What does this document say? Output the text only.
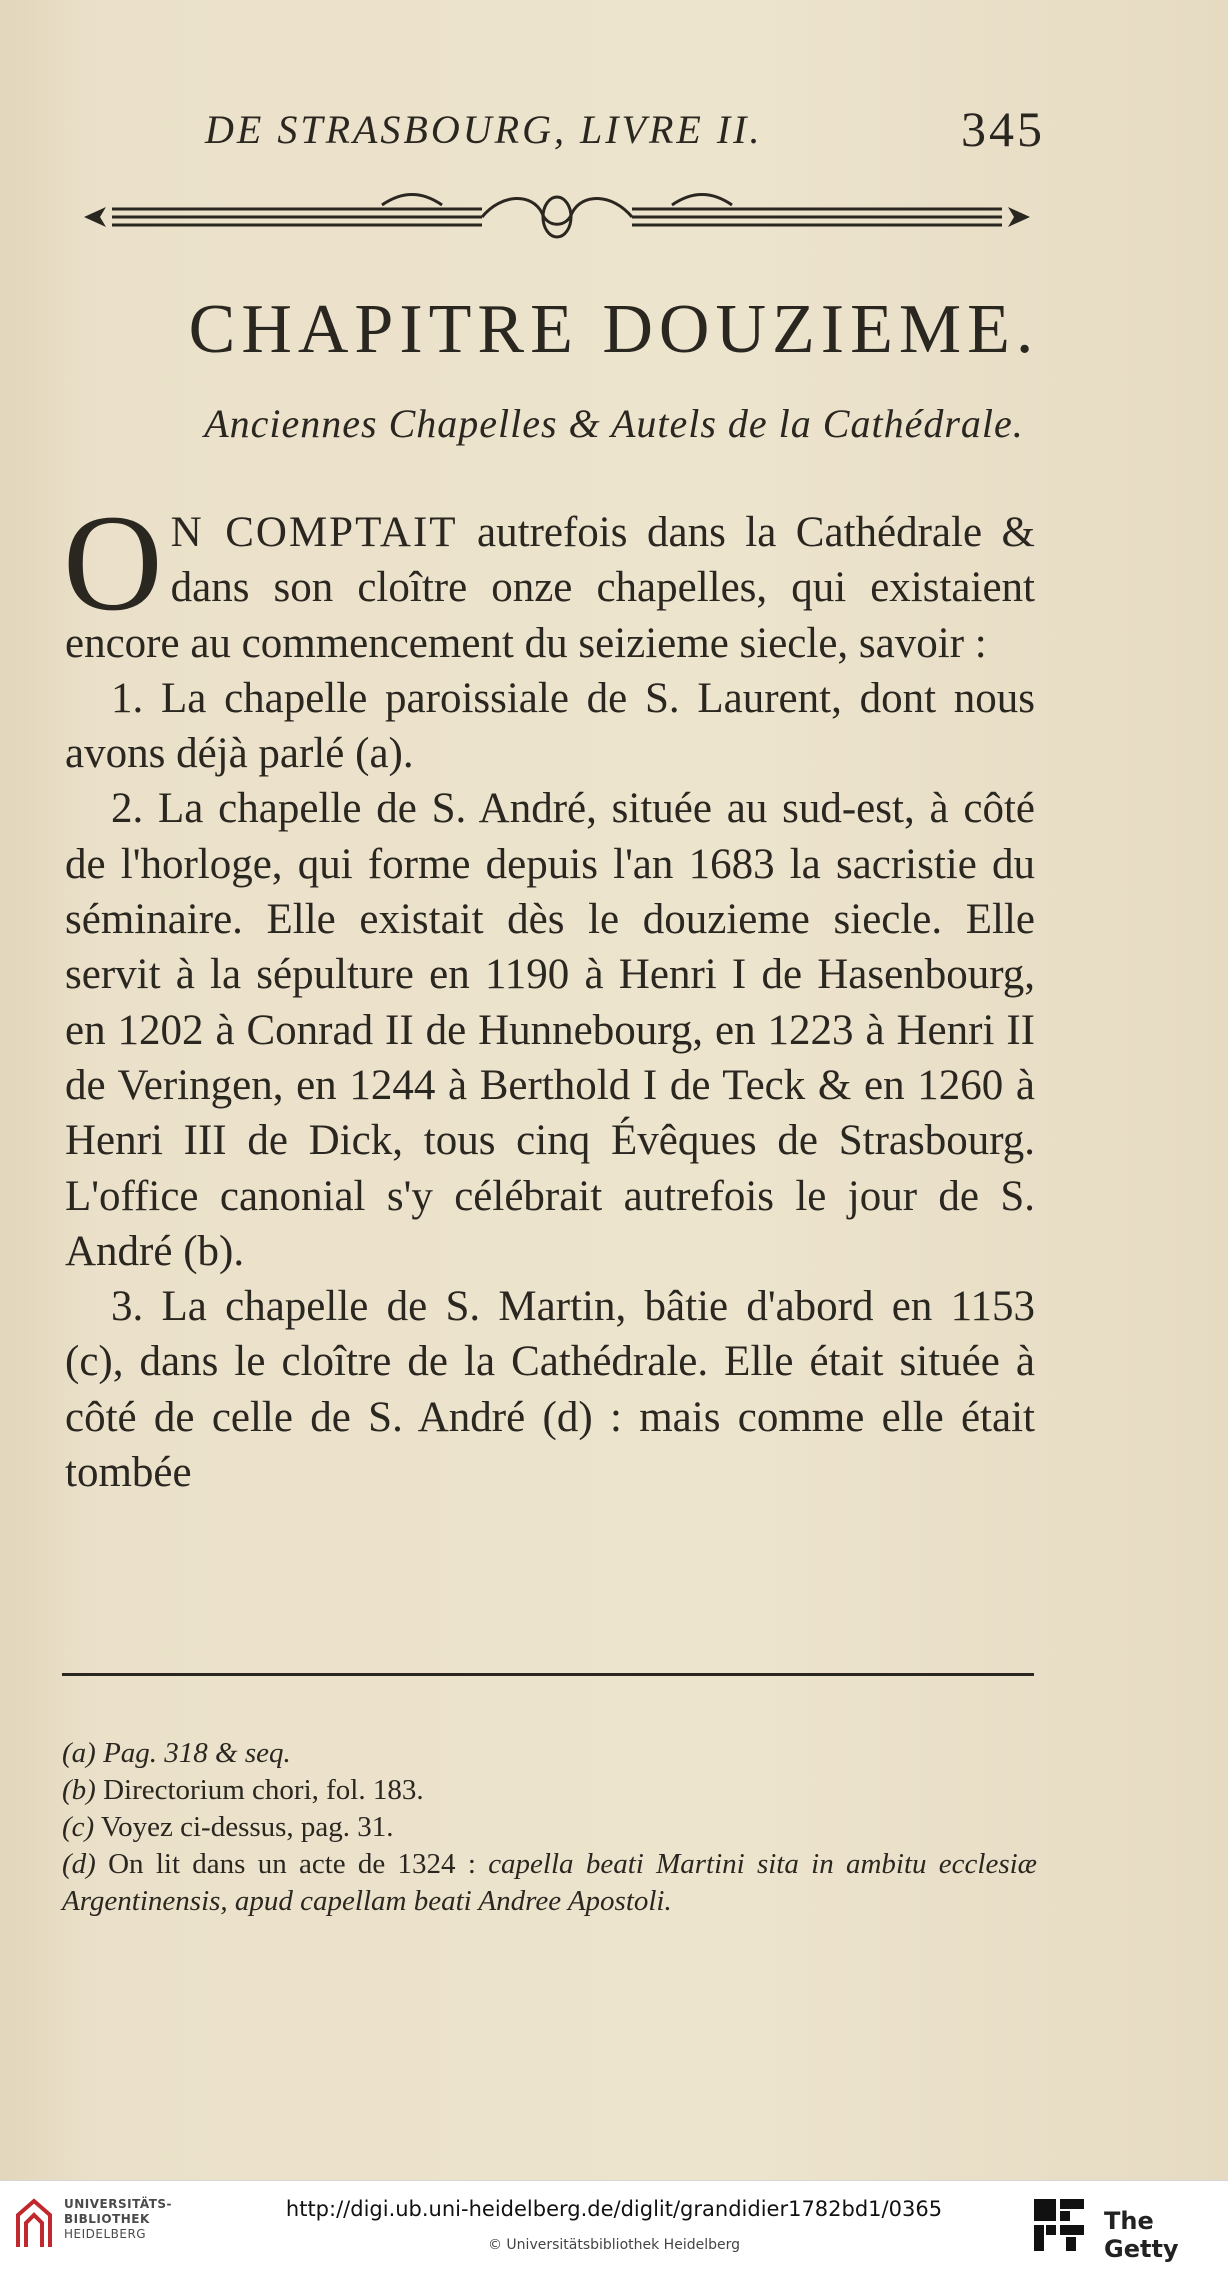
DE STRASBOURG, LIVRE II.	345
CHAPITRE DOUZIEME.
Anciennes Chapelles & Autels de la Cathédrale.

O N COMPTAIT autrefois dans la Cathédrale & dans son cloître onze chapelles, qui existaient encore au commencement du seizieme siecle, savoir :

1. La chapelle paroissiale de S. Laurent, dont nous avons déjà parlé (a).

2. La chapelle de S. André, située au sud-est, à côté de l'horloge, qui forme depuis l'an 1683 la sacristie du séminaire. Elle existait dès le douzieme siecle. Elle servit à la sépulture en 1190 à Henri I de Hasenbourg, en 1202 à Conrad II de Hunnebourg, en 1223 à Henri II de Veringen, en 1244 à Berthold I de Teck & en 1260 à Henri III de Dick, tous cinq Évêques de Strasbourg. L'office canonial s'y célébrait autrefois le jour de S. André (b).

3. La chapelle de S. Martin, bâtie d'abord en 1153 (c), dans le cloître de la Cathédrale. Elle était située à côté de celle de S. André (d) : mais comme elle était tombée

(a) Pag. 318 & seq.

(b) Directorium chori, fol. 183.

(c) Voyez ci-dessus, pag. 31.

(d) On lit dans un acte de 1324 : capella beati Martini sita in ambitu ecclesiæ Argentinensis, apud capellam beati Andree Apostoli.

UNIVERSITÄTS-
BIBLIOTHEK
HEIDELBERG
http://digi.ub.uni-heidelberg.de/diglit/grandidier1782bd1/0365
© Universitätsbibliothek Heidelberg
The Getty
